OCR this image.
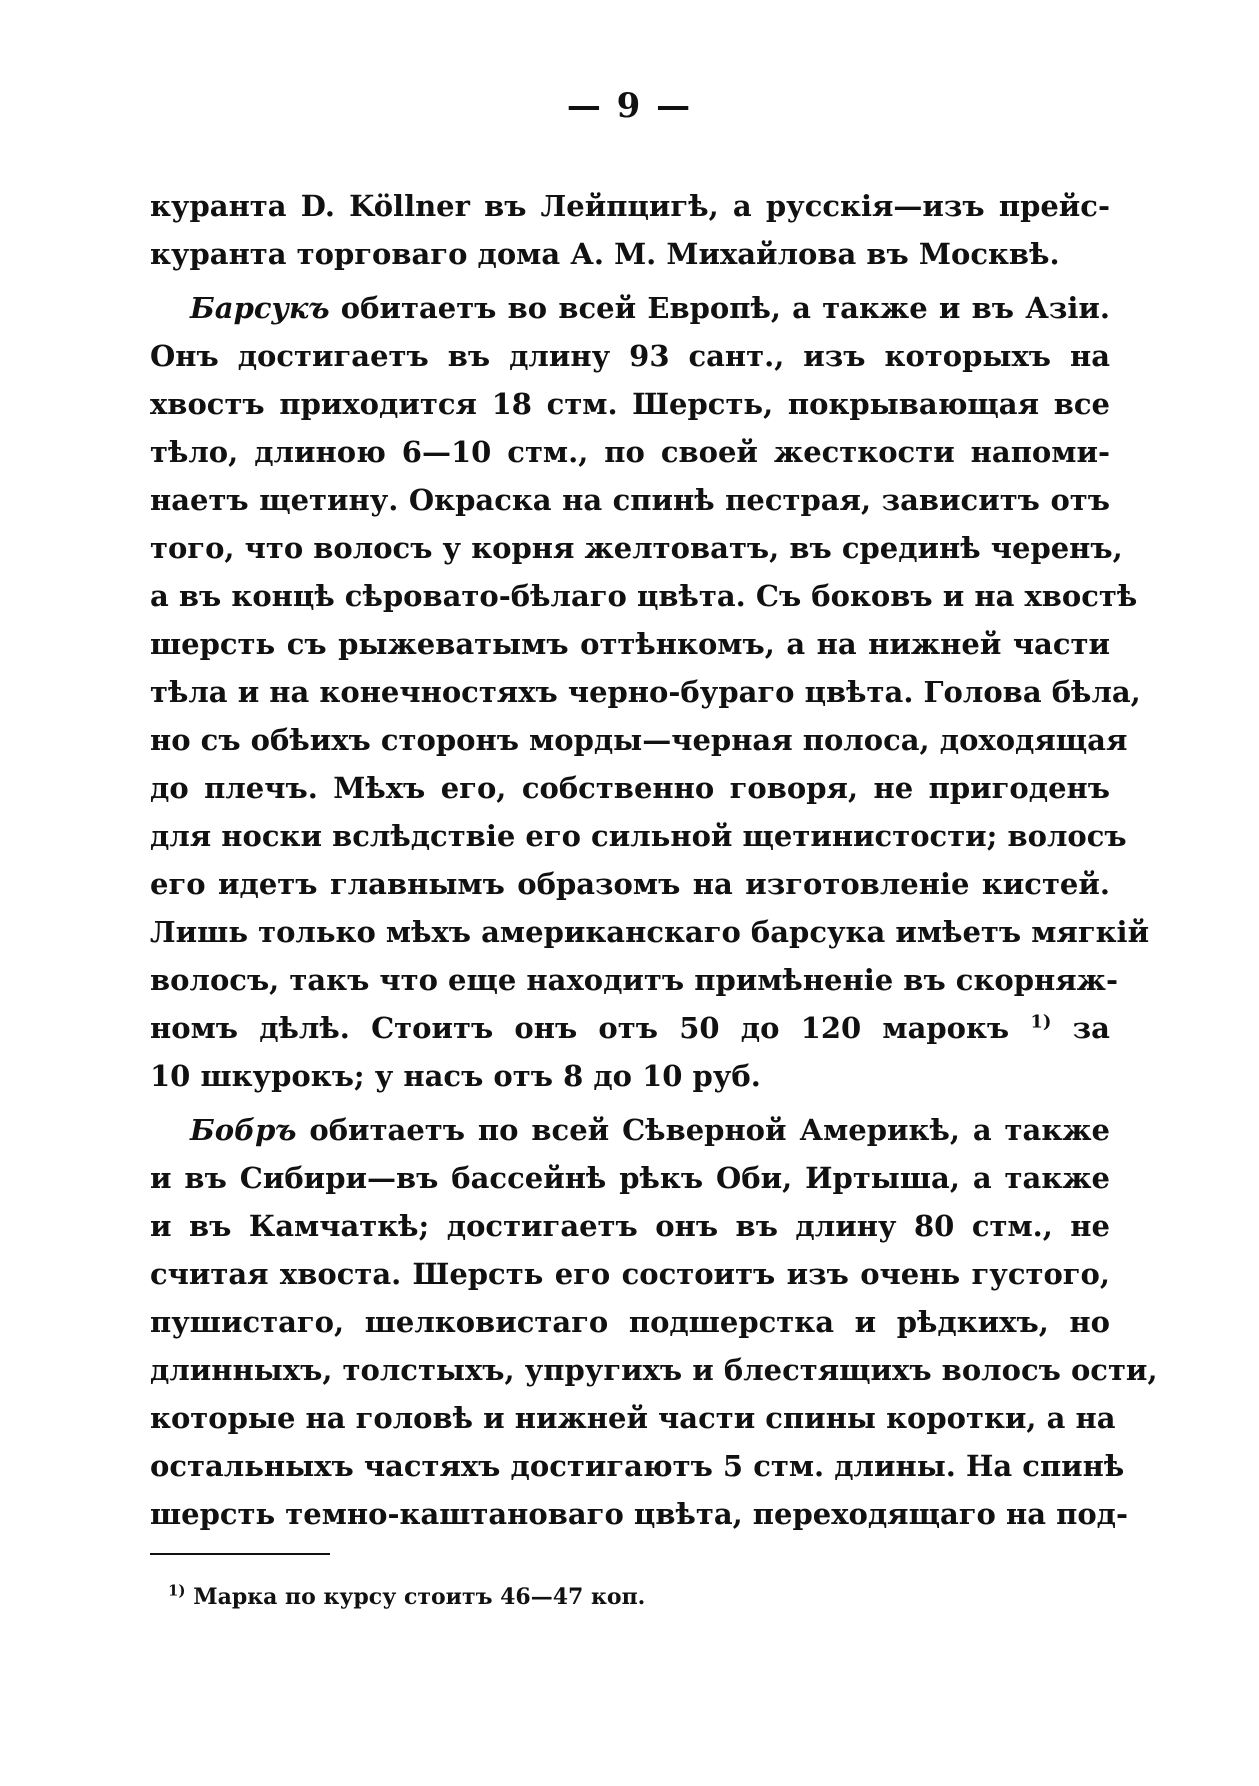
— 9 —
куранта D. Köllner въ Лейпцигѣ, а русскія—изъ прейс-
куранта торговаго дома А. М. Михайлова въ Москвѣ.
Барсукъ обитаетъ во всей Европѣ, а также и въ Азіи.
Онъ достигаетъ въ длину 93 сант., изъ которыхъ на
хвостъ приходится 18 стм. Шерсть, покрывающая все
тѣло, длиною 6—10 стм., по своей жесткости напоми-
наетъ щетину. Окраска на спинѣ пестрая, зависитъ отъ
того, что волосъ у корня желтоватъ, въ срединѣ черенъ,
а въ концѣ сѣровато-бѣлаго цвѣта. Съ боковъ и на хвостѣ
шерсть съ рыжеватымъ оттѣнкомъ, а на нижней части
тѣла и на конечностяхъ черно-бураго цвѣта. Голова бѣла,
но съ обѣихъ сторонъ морды—черная полоса, доходящая
до плечъ. Мѣхъ его, собственно говоря, не пригоденъ
для носки вслѣдствіе его сильной щетинистости; волосъ
его идетъ главнымъ образомъ на изготовленіе кистей.
Лишь только мѣхъ американскаго барсука имѣетъ мягкій
волосъ, такъ что еще находитъ примѣненіе въ скорняж-
номъ дѣлѣ. Стоитъ онъ отъ 50 до 120 марокъ $^{1)}$ за
10 шкурокъ; у насъ отъ 8 до 10 руб.
Бобръ обитаетъ по всей Сѣверной Америкѣ, а также
и въ Сибири—въ бассейнѣ рѣкъ Оби, Иртыша, а также
и въ Камчаткѣ; достигаетъ онъ въ длину 80 стм., не
считая хвоста. Шерсть его состоитъ изъ очень густого,
пушистаго, шелковистаго подшерстка и рѣдкихъ, но
длинныхъ, толстыхъ, упругихъ и блестящихъ волосъ ости,
которые на головѣ и нижней части спины коротки, а на
остальныхъ частяхъ достигаютъ 5 стм. длины. На спинѣ
шерсть темно-каштановаго цвѣта, переходящаго на под-
$^{1)}$ Марка по курсу стоитъ 46—47 коп.
